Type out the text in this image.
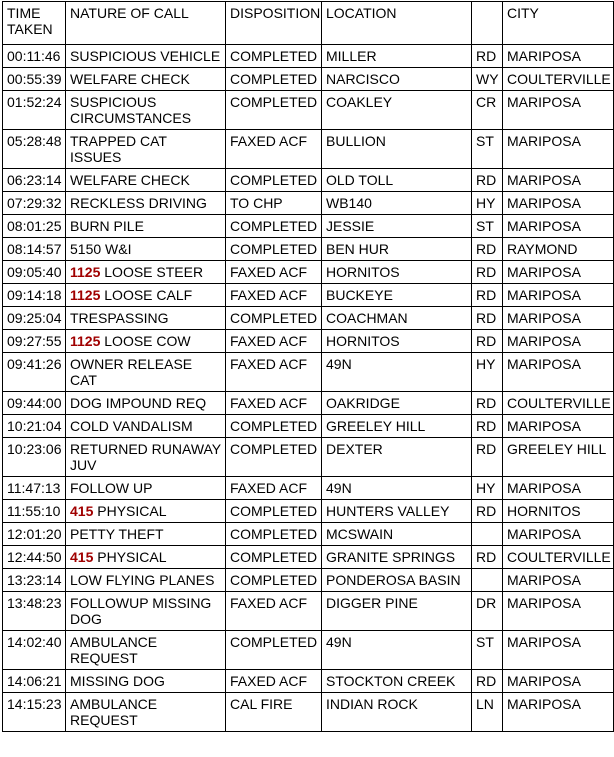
TIME TAKEN	NATURE OF CALL	DISPOSITION	LOCATION		CITY
00:11:46	SUSPICIOUS VEHICLE	COMPLETED	MILLER	RD	MARIPOSA
00:55:39	WELFARE CHECK	COMPLETED	NARCISCO	WY	COULTERVILLE
01:52:24	SUSPICIOUS CIRCUMSTANCES	COMPLETED	COAKLEY	CR	MARIPOSA
05:28:48	TRAPPED CAT ISSUES	FAXED ACF	BULLION	ST	MARIPOSA
06:23:14	WELFARE CHECK	COMPLETED	OLD TOLL	RD	MARIPOSA
07:29:32	RECKLESS DRIVING	TO CHP	WB140	HY	MARIPOSA
08:01:25	BURN PILE	COMPLETED	JESSIE	ST	MARIPOSA
08:14:57	5150 W&I	COMPLETED	BEN HUR	RD	RAYMOND
09:05:40	1125 LOOSE STEER	FAXED ACF	HORNITOS	RD	MARIPOSA
09:14:18	1125 LOOSE CALF	FAXED ACF	BUCKEYE	RD	MARIPOSA
09:25:04	TRESPASSING	COMPLETED	COACHMAN	RD	MARIPOSA
09:27:55	1125 LOOSE COW	FAXED ACF	HORNITOS	RD	MARIPOSA
09:41:26	OWNER RELEASE CAT	FAXED ACF	49N	HY	MARIPOSA
09:44:00	DOG IMPOUND REQ	FAXED ACF	OAKRIDGE	RD	COULTERVILLE
10:21:04	COLD VANDALISM	COMPLETED	GREELEY HILL	RD	MARIPOSA
10:23:06	RETURNED RUNAWAY JUV	COMPLETED	DEXTER	RD	GREELEY HILL
11:47:13	FOLLOW UP	FAXED ACF	49N	HY	MARIPOSA
11:55:10	415 PHYSICAL	COMPLETED	HUNTERS VALLEY	RD	HORNITOS
12:01:20	PETTY THEFT	COMPLETED	MCSWAIN		MARIPOSA
12:44:50	415 PHYSICAL	COMPLETED	GRANITE SPRINGS	RD	COULTERVILLE
13:23:14	LOW FLYING PLANES	COMPLETED	PONDEROSA BASIN		MARIPOSA
13:48:23	FOLLOWUP MISSING DOG	FAXED ACF	DIGGER PINE	DR	MARIPOSA
14:02:40	AMBULANCE REQUEST	COMPLETED	49N	ST	MARIPOSA
14:06:21	MISSING DOG	FAXED ACF	STOCKTON CREEK	RD	MARIPOSA
14:15:23	AMBULANCE REQUEST	CAL FIRE	INDIAN ROCK	LN	MARIPOSA
